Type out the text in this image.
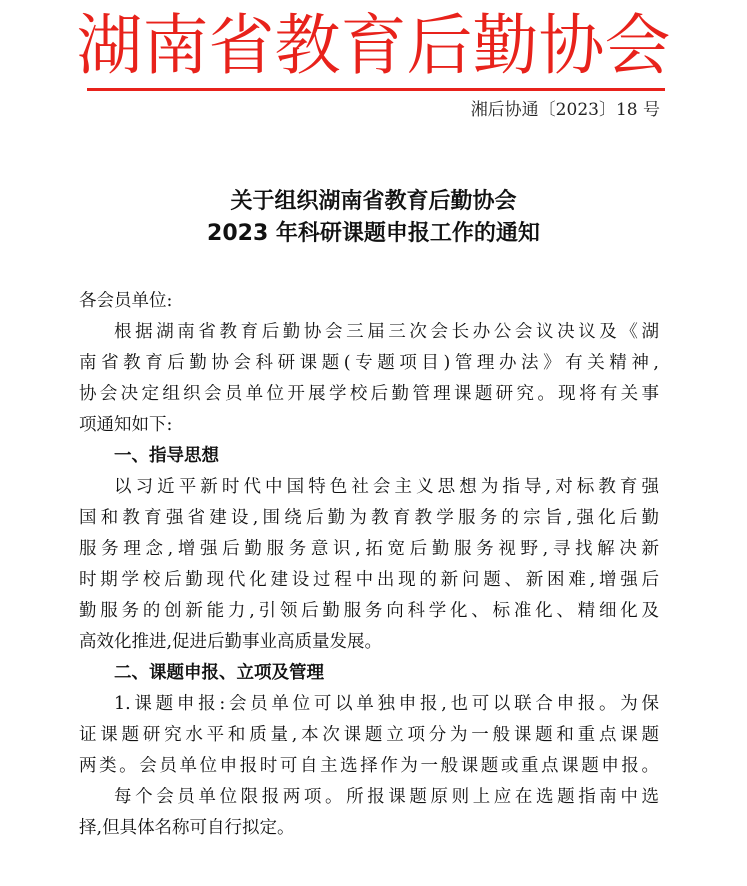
湖南省教育后勤协会
湘后协通〔2023〕18 号
关于组织湖南省教育后勤协会
2023 年科研课题申报工作的通知

各会员单位:

根据湖南省教育后勤协会三届三次会长办公会议决议及《湖
南省教育后勤协会科研课题(专题项目)管理办法》有关精神,
协会决定组织会员单位开展学校后勤管理课题研究。现将有关事
项通知如下:

一、指导思想

以习近平新时代中国特色社会主义思想为指导,对标教育强
国和教育强省建设,围绕后勤为教育教学服务的宗旨,强化后勤
服务理念,增强后勤服务意识,拓宽后勤服务视野,寻找解决新
时期学校后勤现代化建设过程中出现的新问题、新困难,增强后
勤服务的创新能力,引领后勤服务向科学化、标准化、精细化及
高效化推进,促进后勤事业高质量发展。

二、课题申报、立项及管理

1.课题申报:会员单位可以单独申报,也可以联合申报。为保
证课题研究水平和质量,本次课题立项分为一般课题和重点课题
两类。会员单位申报时可自主选择作为一般课题或重点课题申报。
每个会员单位限报两项。所报课题原则上应在选题指南中选
择,但具体名称可自行拟定。
